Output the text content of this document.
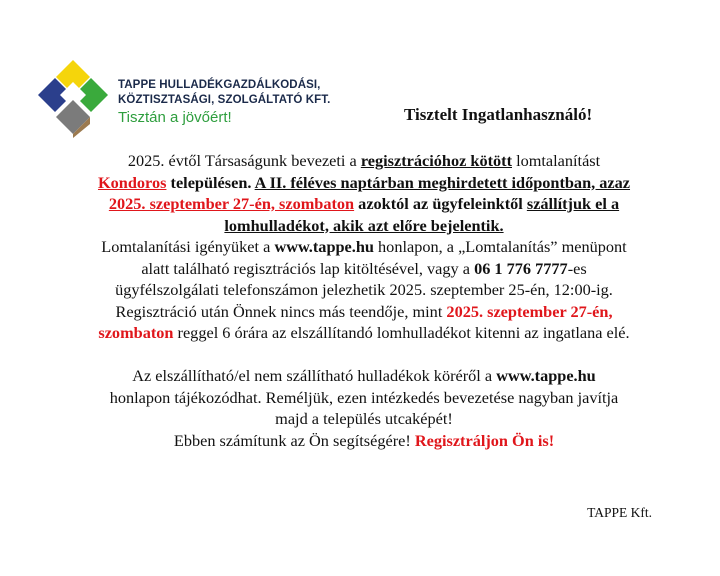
TAPPE HULLADÉKGAZDÁLKODÁSI,
KÖZTISZTASÁGI, SZOLGÁLTATÓ KFT.
Tisztán a jövőért!	Tisztelt Ingatlanhasználó!

2025. évtől Társaságunk bevezeti a regisztrációhoz kötött lomtalanítást
Kondoros településen. A II. féléves naptárban meghirdetett időpontban, azaz
2025. szeptember 27-én, szombaton azoktól az ügyfeleinktől szállítjuk el a
lomhulladékot, akik azt előre bejelentik.

Lomtalanítási igényüket a www.tappe.hu honlapon, a „Lomtalanítás” menüpont
alatt található regisztrációs lap kitöltésével, vagy a 06 1 776 7777-es
ügyfélszolgálati telefonszámon jelezhetik 2025. szeptember 25-én, 12:00-ig.

Regisztráció után Önnek nincs más teendője, mint 2025. szeptember 27-én,
szombaton reggel 6 órára az elszállítandó lomhulladékot kitenni az ingatlana elé.

Az elszállítható/el nem szállítható hulladékok köréről a www.tappe.hu
honlapon tájékozódhat. Reméljük, ezen intézkedés bevezetése nagyban javítja
majd a település utcaképét!
Ebben számítunk az Ön segítségére! Regisztráljon Ön is!

TAPPE Kft.
